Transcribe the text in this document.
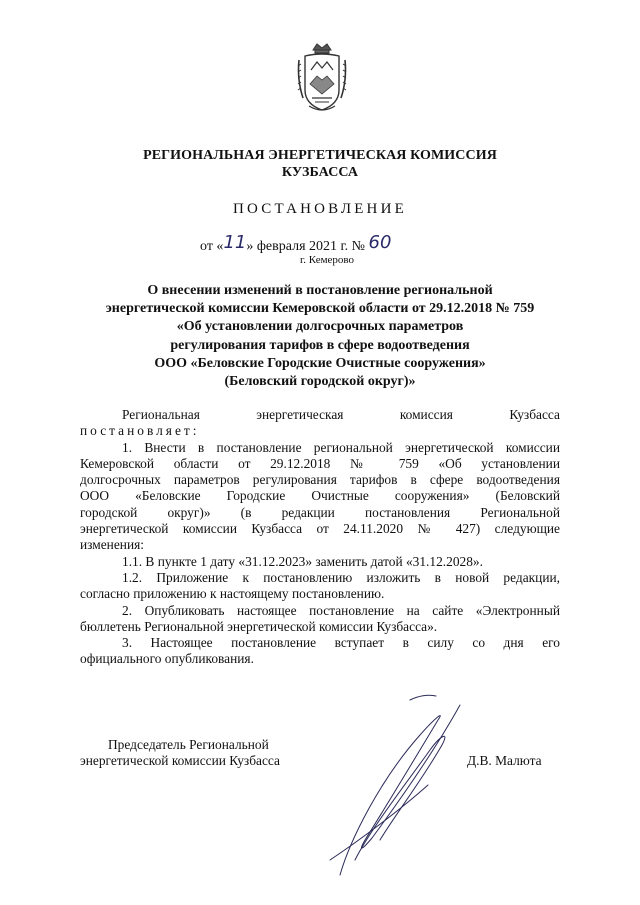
РЕГИОНАЛЬНАЯ ЭНЕРГЕТИЧЕСКАЯ КОМИССИЯ
КУЗБАССА
ПОСТАНОВЛЕНИЕ
от «11» февраля 2021 г. № 60
г. Кемерово
О внесении изменений в постановление региональной
энергетической комиссии Кемеровской области от 29.12.2018 № 759
«Об установлении долгосрочных параметров
регулирования тарифов в сфере водоотведения
ООО «Беловские Городские Очистные сооружения»
(Беловский городской округ)»
Региональная	энергетическая	комиссия	Кузбасса
постановляет:
1. Внести в постановление региональной энергетической комиссии
Кемеровской области от 29.12.2018 № 759 «Об установлении
долгосрочных параметров регулирования тарифов в сфере водоотведения
ООО «Беловские Городские Очистные сооружения» (Беловский
городской округ)» (в редакции постановления Региональной
энергетической комиссии Кузбасса от 24.11.2020 № 427) следующие
изменения:
1.1. В пункте 1 дату «31.12.2023» заменить датой «31.12.2028».
1.2. Приложение к постановлению изложить в новой редакции,
согласно приложению к настоящему постановлению.
2. Опубликовать настоящее постановление на сайте «Электронный
бюллетень Региональной энергетической комиссии Кузбасса».
3. Настоящее постановление вступает в силу со дня его
официального опубликования.
Председатель Региональной
энергетической комиссии Кузбасса	Д.В. Малюта
